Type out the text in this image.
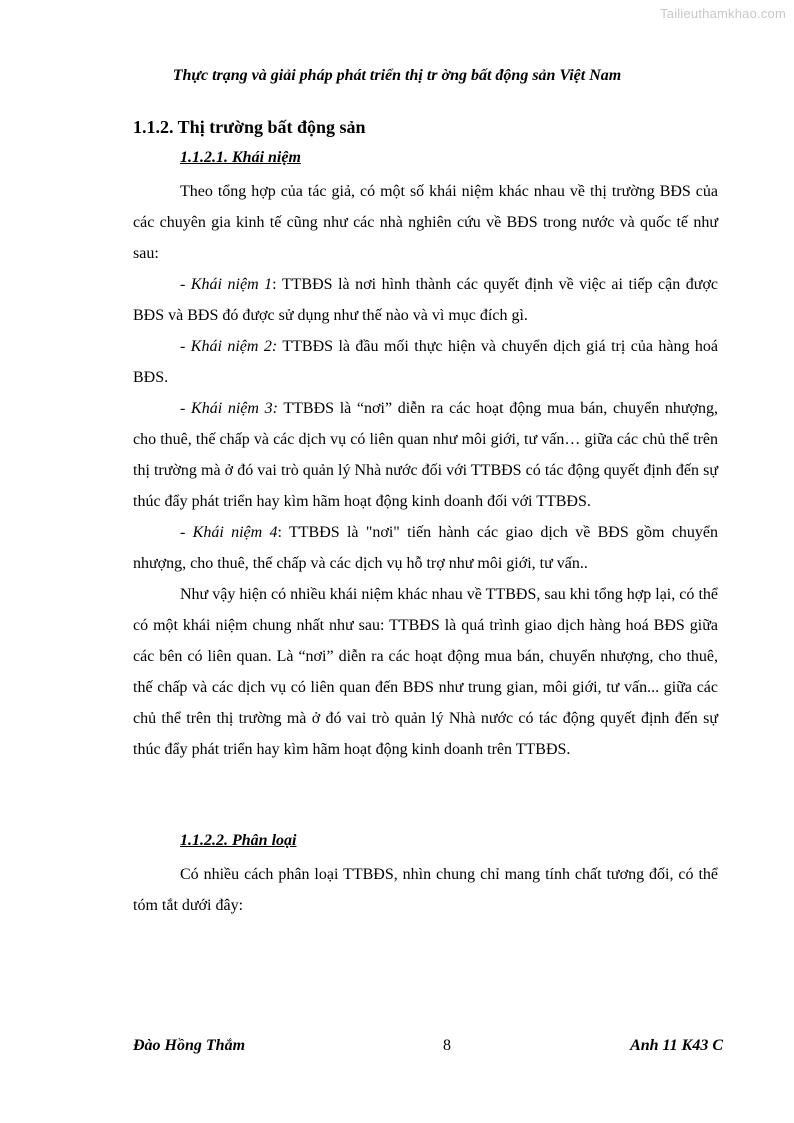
Tailieuthamkhao.com
Thực trạng và giải pháp phát triển thị tr ờng bất động sản Việt Nam
1.1.2. Thị trường bất động sản
1.1.2.1. Khái niệm

Theo tổng hợp của tác giả, có một số khái niệm khác nhau về thị trường BĐS của các chuyên gia kinh tế cũng như các nhà nghiên cứu về BĐS trong nước và quốc tế như sau:

- Khái niệm 1: TTBĐS là nơi hình thành các quyết định về việc ai tiếp cận được BĐS và BĐS đó được sử dụng như thế nào và vì mục đích gì.

- Khái niệm 2: TTBĐS là đầu mối thực hiện và chuyển dịch giá trị của hàng hoá BĐS.

- Khái niệm 3: TTBĐS là “nơi” diễn ra các hoạt động mua bán, chuyển nhượng, cho thuê, thế chấp và các dịch vụ có liên quan như môi giới, tư vấn… giữa các chủ thể trên thị trường mà ở đó vai trò quản lý Nhà nước đối với TTBĐS có tác động quyết định đến sự thúc đẩy phát triển hay kìm hãm hoạt động kinh doanh đối với TTBĐS.

- Khái niệm 4: TTBĐS là "nơi" tiến hành các giao dịch về BĐS gồm chuyển nhượng, cho thuê, thế chấp và các dịch vụ hỗ trợ như môi giới, tư vấn..

Như vậy hiện có nhiều khái niệm khác nhau về TTBĐS, sau khi tổng hợp lại, có thể có một khái niệm chung nhất như sau: TTBĐS là quá trình giao dịch hàng hoá BĐS giữa các bên có liên quan. Là “nơi” diễn ra các hoạt động mua bán, chuyển nhượng, cho thuê, thế chấp và các dịch vụ có liên quan đến BĐS như trung gian, môi giới, tư vấn... giữa các chủ thể trên thị trường mà ở đó vai trò quản lý Nhà nước có tác động quyết định đến sự thúc đẩy phát triển hay kìm hãm hoạt động kinh doanh trên TTBĐS.

1.1.2.2. Phân loại

Có nhiều cách phân loại TTBĐS, nhìn chung chỉ mang tính chất tương đối, có thể tóm tắt dưới đây:

Đào Hồng Thắm	8	Anh 11 K43 C
